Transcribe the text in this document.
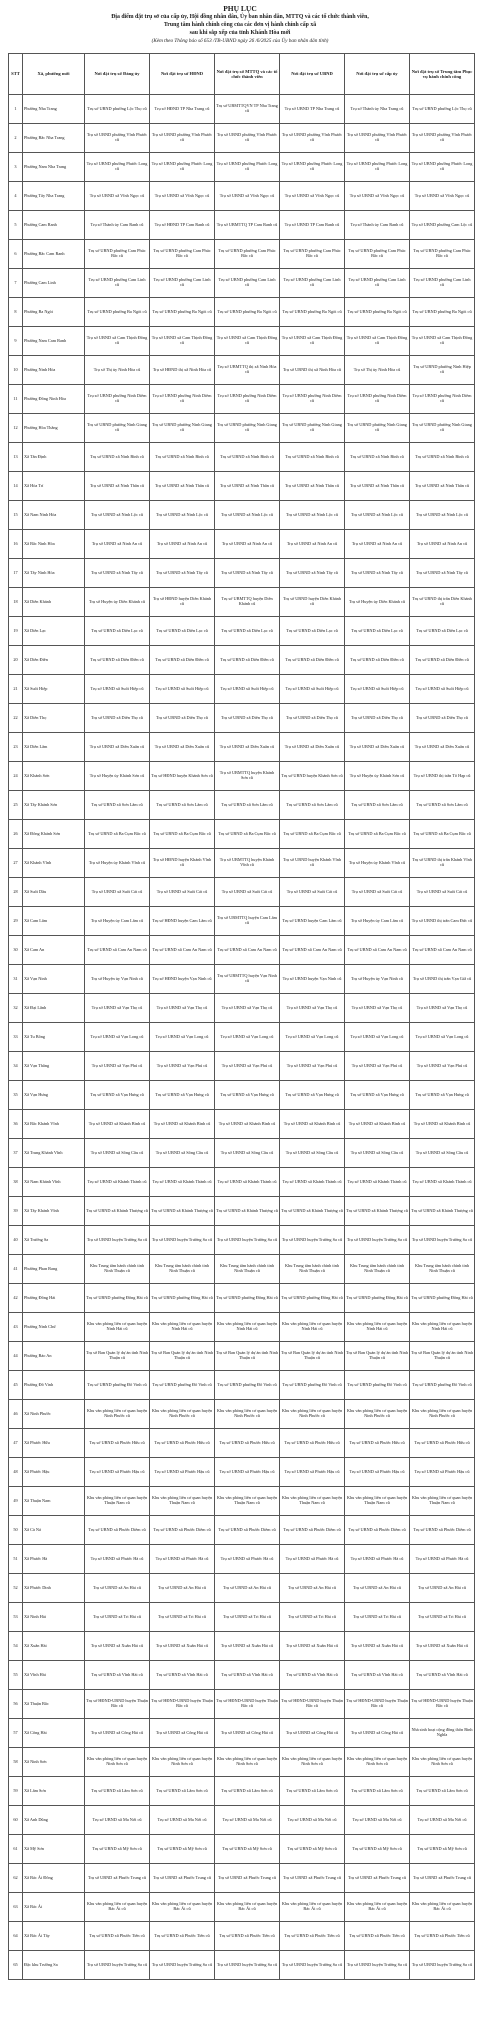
PHỤ LỤC
Địa điểm đặt trụ sở của cấp ủy, Hội đồng nhân dân, Ủy ban nhân dân, MTTQ và các tổ chức thành viên,
Trung tâm hành chính công của các đơn vị hành chính cấp xã
sau khi sắp xếp của tỉnh Khánh Hòa mới
(Kèm theo Thông báo số 653 /TB-UBND ngày 26 /6/2025 của Ủy ban nhân dân tỉnh)
STT	Xã, phường mới	Nơi đặt trụ sở Đảng ủy	Nơi đặt trụ sở HĐND	Nơi đặt trụ sở MTTQ và các tổ chức thành viên	Nơi đặt trụ sở UBND	Nơi đặt trụ sở cấp ủy	Nơi đặt trụ sở Trung tâm Phục vụ hành chính công
1	Phường Nha Trang	Trụ sở UBND phường Lộc Thọ cũ	Trụ sở HĐND TP Nha Trang cũ	Trụ sở UBMTTQVN TP Nha Trang cũ	Trụ sở UBND TP Nha Trang cũ	Trụ sở Thành ủy Nha Trang cũ	Trụ sở UBND phường Lộc Thọ cũ
2	Phường Bắc Nha Trang	Trụ sở UBND phường Vĩnh Phước cũ	Trụ sở UBND phường Vĩnh Phước cũ	Trụ sở UBND phường Vĩnh Phước cũ	Trụ sở UBND phường Vĩnh Phước cũ	Trụ sở UBND phường Vĩnh Phước cũ	Trụ sở UBND phường Vĩnh Phước cũ
3	Phường Nam Nha Trang	Trụ sở UBND phường Phước Long cũ	Trụ sở UBND phường Phước Long cũ	Trụ sở UBND phường Phước Long cũ	Trụ sở UBND phường Phước Long cũ	Trụ sở UBND phường Phước Long cũ	Trụ sở UBND phường Phước Long cũ
4	Phường Tây Nha Trang	Trụ sở UBND xã Vĩnh Ngọc cũ	Trụ sở UBND xã Vĩnh Ngọc cũ	Trụ sở UBND xã Vĩnh Ngọc cũ	Trụ sở UBND xã Vĩnh Ngọc cũ	Trụ sở UBND xã Vĩnh Ngọc cũ	Trụ sở UBND xã Vĩnh Ngọc cũ
5	Phường Cam Ranh	Trụ sở Thành ủy Cam Ranh cũ	Trụ sở HĐND TP Cam Ranh cũ	Trụ sở UBMTTQ TP Cam Ranh cũ	Trụ sở UBND TP Cam Ranh cũ	Trụ sở Thành ủy Cam Ranh cũ	Trụ sở UBND phường Cam Lộc cũ
6	Phường Bắc Cam Ranh	Trụ sở UBND phường Cam Phúc Bắc cũ	Trụ sở UBND phường Cam Phúc Bắc cũ	Trụ sở UBND phường Cam Phúc Bắc cũ	Trụ sở UBND phường Cam Phúc Bắc cũ	Trụ sở UBND phường Cam Phúc Bắc cũ	Trụ sở UBND phường Cam Phúc Bắc cũ
7	Phường Cam Linh	Trụ sở UBND phường Cam Linh cũ	Trụ sở UBND phường Cam Linh cũ	Trụ sở UBND phường Cam Linh cũ	Trụ sở UBND phường Cam Linh cũ	Trụ sở UBND phường Cam Linh cũ	Trụ sở UBND phường Cam Linh cũ
8	Phường Ba Ngòi	Trụ sở UBND phường Ba Ngòi cũ	Trụ sở UBND phường Ba Ngòi cũ	Trụ sở UBND phường Ba Ngòi cũ	Trụ sở UBND phường Ba Ngòi cũ	Trụ sở UBND phường Ba Ngòi cũ	Trụ sở UBND phường Ba Ngòi cũ
9	Phường Nam Cam Ranh	Trụ sở UBND xã Cam Thịnh Đông cũ	Trụ sở UBND xã Cam Thịnh Đông cũ	Trụ sở UBND xã Cam Thịnh Đông cũ	Trụ sở UBND xã Cam Thịnh Đông cũ	Trụ sở UBND xã Cam Thịnh Đông cũ	Trụ sở UBND xã Cam Thịnh Đông cũ
10	Phường Ninh Hòa	Trụ sở Thị ủy Ninh Hòa cũ	Trụ sở HĐND thị xã Ninh Hòa cũ	Trụ sở UBMTTQ thị xã Ninh Hòa cũ	Trụ sở UBND thị xã Ninh Hòa cũ	Trụ sở Thị ủy Ninh Hòa cũ	Trụ sở UBND phường Ninh Hiệp cũ
11	Phường Đông Ninh Hòa	Trụ sở UBND phường Ninh Diêm cũ	Trụ sở UBND phường Ninh Diêm cũ	Trụ sở UBND phường Ninh Diêm cũ	Trụ sở UBND phường Ninh Diêm cũ	Trụ sở UBND phường Ninh Diêm cũ	Trụ sở UBND phường Ninh Diêm cũ
12	Phường Hòa Thắng	Trụ sở UBND phường Ninh Giang cũ	Trụ sở UBND phường Ninh Giang cũ	Trụ sở UBND phường Ninh Giang cũ	Trụ sở UBND phường Ninh Giang cũ	Trụ sở UBND phường Ninh Giang cũ	Trụ sở UBND phường Ninh Giang cũ
13	Xã Tân Định	Trụ sở UBND xã Ninh Bình cũ	Trụ sở UBND xã Ninh Bình cũ	Trụ sở UBND xã Ninh Bình cũ	Trụ sở UBND xã Ninh Bình cũ	Trụ sở UBND xã Ninh Bình cũ	Trụ sở UBND xã Ninh Bình cũ
14	Xã Hòa Trí	Trụ sở UBND xã Ninh Thân cũ	Trụ sở UBND xã Ninh Thân cũ	Trụ sở UBND xã Ninh Thân cũ	Trụ sở UBND xã Ninh Thân cũ	Trụ sở UBND xã Ninh Thân cũ	Trụ sở UBND xã Ninh Thân cũ
15	Xã Nam Ninh Hòa	Trụ sở UBND xã Ninh Lộc cũ	Trụ sở UBND xã Ninh Lộc cũ	Trụ sở UBND xã Ninh Lộc cũ	Trụ sở UBND xã Ninh Lộc cũ	Trụ sở UBND xã Ninh Lộc cũ	Trụ sở UBND xã Ninh Lộc cũ
16	Xã Bắc Ninh Hòa	Trụ sở UBND xã Ninh An cũ	Trụ sở UBND xã Ninh An cũ	Trụ sở UBND xã Ninh An cũ	Trụ sở UBND xã Ninh An cũ	Trụ sở UBND xã Ninh An cũ	Trụ sở UBND xã Ninh An cũ
17	Xã Tây Ninh Hòa	Trụ sở UBND xã Ninh Tây cũ	Trụ sở UBND xã Ninh Tây cũ	Trụ sở UBND xã Ninh Tây cũ	Trụ sở UBND xã Ninh Tây cũ	Trụ sở UBND xã Ninh Tây cũ	Trụ sở UBND xã Ninh Tây cũ
18	Xã Diên Khánh	Trụ sở Huyện ủy Diên Khánh cũ	Trụ sở HĐND huyện Diên Khánh cũ	Trụ sở UBMTTQ huyện Diên Khánh cũ	Trụ sở UBND huyện Diên Khánh cũ	Trụ sở Huyện ủy Diên Khánh cũ	Trụ sở UBND thị trấn Diên Khánh cũ
19	Xã Diên Lạc	Trụ sở UBND xã Diên Lạc cũ	Trụ sở UBND xã Diên Lạc cũ	Trụ sở UBND xã Diên Lạc cũ	Trụ sở UBND xã Diên Lạc cũ	Trụ sở UBND xã Diên Lạc cũ	Trụ sở UBND xã Diên Lạc cũ
20	Xã Diên Điền	Trụ sở UBND xã Diên Điền cũ	Trụ sở UBND xã Diên Điền cũ	Trụ sở UBND xã Diên Điền cũ	Trụ sở UBND xã Diên Điền cũ	Trụ sở UBND xã Diên Điền cũ	Trụ sở UBND xã Diên Điền cũ
21	Xã Suối Hiệp	Trụ sở UBND xã Suối Hiệp cũ	Trụ sở UBND xã Suối Hiệp cũ	Trụ sở UBND xã Suối Hiệp cũ	Trụ sở UBND xã Suối Hiệp cũ	Trụ sở UBND xã Suối Hiệp cũ	Trụ sở UBND xã Suối Hiệp cũ
22	Xã Diên Thọ	Trụ sở UBND xã Diên Thọ cũ	Trụ sở UBND xã Diên Thọ cũ	Trụ sở UBND xã Diên Thọ cũ	Trụ sở UBND xã Diên Thọ cũ	Trụ sở UBND xã Diên Thọ cũ	Trụ sở UBND xã Diên Thọ cũ
23	Xã Diên Lâm	Trụ sở UBND xã Diên Xuân cũ	Trụ sở UBND xã Diên Xuân cũ	Trụ sở UBND xã Diên Xuân cũ	Trụ sở UBND xã Diên Xuân cũ	Trụ sở UBND xã Diên Xuân cũ	Trụ sở UBND xã Diên Xuân cũ
24	Xã Khánh Sơn	Trụ sở Huyện ủy Khánh Sơn cũ	Trụ sở HĐND huyện Khánh Sơn cũ	Trụ sở UBMTTQ huyện Khánh Sơn cũ	Trụ sở UBND huyện Khánh Sơn cũ	Trụ sở Huyện ủy Khánh Sơn cũ	Trụ sở UBND thị trấn Tô Hạp cũ
25	Xã Tây Khánh Sơn	Trụ sở UBND xã Sơn Lâm cũ	Trụ sở UBND xã Sơn Lâm cũ	Trụ sở UBND xã Sơn Lâm cũ	Trụ sở UBND xã Sơn Lâm cũ	Trụ sở UBND xã Sơn Lâm cũ	Trụ sở UBND xã Sơn Lâm cũ
26	Xã Đông Khánh Sơn	Trụ sở UBND xã Ba Cụm Bắc cũ	Trụ sở UBND xã Ba Cụm Bắc cũ	Trụ sở UBND xã Ba Cụm Bắc cũ	Trụ sở UBND xã Ba Cụm Bắc cũ	Trụ sở UBND xã Ba Cụm Bắc cũ	Trụ sở UBND xã Ba Cụm Bắc cũ
27	Xã Khánh Vĩnh	Trụ sở Huyện ủy Khánh Vĩnh cũ	Trụ sở HĐND huyện Khánh Vĩnh cũ	Trụ sở UBMTTQ huyện Khánh Vĩnh cũ	Trụ sở UBND huyện Khánh Vĩnh cũ	Trụ sở Huyện ủy Khánh Vĩnh cũ	Trụ sở UBND thị trấn Khánh Vĩnh cũ
28	Xã Suối Dầu	Trụ sở UBND xã Suối Cát cũ	Trụ sở UBND xã Suối Cát cũ	Trụ sở UBND xã Suối Cát cũ	Trụ sở UBND xã Suối Cát cũ	Trụ sở UBND xã Suối Cát cũ	Trụ sở UBND xã Suối Cát cũ
29	Xã Cam Lâm	Trụ sở Huyện ủy Cam Lâm cũ	Trụ sở HĐND huyện Cam Lâm cũ	Trụ sở UBMTTQ huyện Cam Lâm cũ	Trụ sở UBND huyện Cam Lâm cũ	Trụ sở Huyện ủy Cam Lâm cũ	Trụ sở UBND thị trấn Cam Đức cũ
30	Xã Cam An	Trụ sở UBND xã Cam An Nam cũ	Trụ sở UBND xã Cam An Nam cũ	Trụ sở UBND xã Cam An Nam cũ	Trụ sở UBND xã Cam An Nam cũ	Trụ sở UBND xã Cam An Nam cũ	Trụ sở UBND xã Cam An Nam cũ
31	Xã Vạn Ninh	Trụ sở Huyện ủy Vạn Ninh cũ	Trụ sở HĐND huyện Vạn Ninh cũ	Trụ sở UBMTTQ huyện Vạn Ninh cũ	Trụ sở UBND huyện Vạn Ninh cũ	Trụ sở Huyện ủy Vạn Ninh cũ	Trụ sở UBND thị trấn Vạn Giã cũ
32	Xã Đại Lãnh	Trụ sở UBND xã Vạn Thọ cũ	Trụ sở UBND xã Vạn Thọ cũ	Trụ sở UBND xã Vạn Thọ cũ	Trụ sở UBND xã Vạn Thọ cũ	Trụ sở UBND xã Vạn Thọ cũ	Trụ sở UBND xã Vạn Thọ cũ
33	Xã Tu Bông	Trụ sở UBND xã Vạn Long cũ	Trụ sở UBND xã Vạn Long cũ	Trụ sở UBND xã Vạn Long cũ	Trụ sở UBND xã Vạn Long cũ	Trụ sở UBND xã Vạn Long cũ	Trụ sở UBND xã Vạn Long cũ
34	Xã Vạn Thắng	Trụ sở UBND xã Vạn Phú cũ	Trụ sở UBND xã Vạn Phú cũ	Trụ sở UBND xã Vạn Phú cũ	Trụ sở UBND xã Vạn Phú cũ	Trụ sở UBND xã Vạn Phú cũ	Trụ sở UBND xã Vạn Phú cũ
35	Xã Vạn Hưng	Trụ sở UBND xã Vạn Hưng cũ	Trụ sở UBND xã Vạn Hưng cũ	Trụ sở UBND xã Vạn Hưng cũ	Trụ sở UBND xã Vạn Hưng cũ	Trụ sở UBND xã Vạn Hưng cũ	Trụ sở UBND xã Vạn Hưng cũ
36	Xã Bắc Khánh Vĩnh	Trụ sở UBND xã Khánh Bình cũ	Trụ sở UBND xã Khánh Bình cũ	Trụ sở UBND xã Khánh Bình cũ	Trụ sở UBND xã Khánh Bình cũ	Trụ sở UBND xã Khánh Bình cũ	Trụ sở UBND xã Khánh Bình cũ
37	Xã Trung Khánh Vĩnh	Trụ sở UBND xã Sông Cầu cũ	Trụ sở UBND xã Sông Cầu cũ	Trụ sở UBND xã Sông Cầu cũ	Trụ sở UBND xã Sông Cầu cũ	Trụ sở UBND xã Sông Cầu cũ	Trụ sở UBND xã Sông Cầu cũ
38	Xã Nam Khánh Vĩnh	Trụ sở UBND xã Khánh Thành cũ	Trụ sở UBND xã Khánh Thành cũ	Trụ sở UBND xã Khánh Thành cũ	Trụ sở UBND xã Khánh Thành cũ	Trụ sở UBND xã Khánh Thành cũ	Trụ sở UBND xã Khánh Thành cũ
39	Xã Tây Khánh Vĩnh	Trụ sở UBND xã Khánh Thượng cũ	Trụ sở UBND xã Khánh Thượng cũ	Trụ sở UBND xã Khánh Thượng cũ	Trụ sở UBND xã Khánh Thượng cũ	Trụ sở UBND xã Khánh Thượng cũ	Trụ sở UBND xã Khánh Thượng cũ
40	Xã Trường Sa	Trụ sở UBND huyện Trường Sa cũ	Trụ sở UBND huyện Trường Sa cũ	Trụ sở UBND huyện Trường Sa cũ	Trụ sở UBND huyện Trường Sa cũ	Trụ sở UBND huyện Trường Sa cũ	Trụ sở UBND huyện Trường Sa cũ
41	Phường Phan Rang	Khu Trung tâm hành chính tỉnh Ninh Thuận cũ	Khu Trung tâm hành chính tỉnh Ninh Thuận cũ	Khu Trung tâm hành chính tỉnh Ninh Thuận cũ	Khu Trung tâm hành chính tỉnh Ninh Thuận cũ	Khu Trung tâm hành chính tỉnh Ninh Thuận cũ	Khu Trung tâm hành chính tỉnh Ninh Thuận cũ
42	Phường Đông Hải	Trụ sở UBND phường Đông Hải cũ	Trụ sở UBND phường Đông Hải cũ	Trụ sở UBND phường Đông Hải cũ	Trụ sở UBND phường Đông Hải cũ	Trụ sở UBND phường Đông Hải cũ	Trụ sở UBND phường Đông Hải cũ
43	Phường Ninh Chử	Khu văn phòng liên cơ quan huyện Ninh Hải cũ	Khu văn phòng liên cơ quan huyện Ninh Hải cũ	Khu văn phòng liên cơ quan huyện Ninh Hải cũ	Khu văn phòng liên cơ quan huyện Ninh Hải cũ	Khu văn phòng liên cơ quan huyện Ninh Hải cũ	Khu văn phòng liên cơ quan huyện Ninh Hải cũ
44	Phường Bảo An	Trụ sở Ban Quản lý dự án tỉnh Ninh Thuận cũ	Trụ sở Ban Quản lý dự án tỉnh Ninh Thuận cũ	Trụ sở Ban Quản lý dự án tỉnh Ninh Thuận cũ	Trụ sở Ban Quản lý dự án tỉnh Ninh Thuận cũ	Trụ sở Ban Quản lý dự án tỉnh Ninh Thuận cũ	Trụ sở Ban Quản lý dự án tỉnh Ninh Thuận cũ
45	Phường Đô Vinh	Trụ sở UBND phường Đô Vinh cũ	Trụ sở UBND phường Đô Vinh cũ	Trụ sở UBND phường Đô Vinh cũ	Trụ sở UBND phường Đô Vinh cũ	Trụ sở UBND phường Đô Vinh cũ	Trụ sở UBND phường Đô Vinh cũ
46	Xã Ninh Phước	Khu văn phòng liên cơ quan huyện Ninh Phước cũ	Khu văn phòng liên cơ quan huyện Ninh Phước cũ	Khu văn phòng liên cơ quan huyện Ninh Phước cũ	Khu văn phòng liên cơ quan huyện Ninh Phước cũ	Khu văn phòng liên cơ quan huyện Ninh Phước cũ	Khu văn phòng liên cơ quan huyện Ninh Phước cũ
47	Xã Phước Hữu	Trụ sở UBND xã Phước Hữu cũ	Trụ sở UBND xã Phước Hữu cũ	Trụ sở UBND xã Phước Hữu cũ	Trụ sở UBND xã Phước Hữu cũ	Trụ sở UBND xã Phước Hữu cũ	Trụ sở UBND xã Phước Hữu cũ
48	Xã Phước Hậu	Trụ sở UBND xã Phước Hậu cũ	Trụ sở UBND xã Phước Hậu cũ	Trụ sở UBND xã Phước Hậu cũ	Trụ sở UBND xã Phước Hậu cũ	Trụ sở UBND xã Phước Hậu cũ	Trụ sở UBND xã Phước Hậu cũ
49	Xã Thuận Nam	Khu văn phòng liên cơ quan huyện Thuận Nam cũ	Khu văn phòng liên cơ quan huyện Thuận Nam cũ	Khu văn phòng liên cơ quan huyện Thuận Nam cũ	Khu văn phòng liên cơ quan huyện Thuận Nam cũ	Khu văn phòng liên cơ quan huyện Thuận Nam cũ	Khu văn phòng liên cơ quan huyện Thuận Nam cũ
50	Xã Cà Ná	Trụ sở UBND xã Phước Diêm cũ	Trụ sở UBND xã Phước Diêm cũ	Trụ sở UBND xã Phước Diêm cũ	Trụ sở UBND xã Phước Diêm cũ	Trụ sở UBND xã Phước Diêm cũ	Trụ sở UBND xã Phước Diêm cũ
51	Xã Phước Hà	Trụ sở UBND xã Phước Hà cũ	Trụ sở UBND xã Phước Hà cũ	Trụ sở UBND xã Phước Hà cũ	Trụ sở UBND xã Phước Hà cũ	Trụ sở UBND xã Phước Hà cũ	Trụ sở UBND xã Phước Hà cũ
52	Xã Phước Dinh	Trụ sở UBND xã An Hải cũ	Trụ sở UBND xã An Hải cũ	Trụ sở UBND xã An Hải cũ	Trụ sở UBND xã An Hải cũ	Trụ sở UBND xã An Hải cũ	Trụ sở UBND xã An Hải cũ
53	Xã Ninh Hải	Trụ sở UBND xã Tri Hải cũ	Trụ sở UBND xã Tri Hải cũ	Trụ sở UBND xã Tri Hải cũ	Trụ sở UBND xã Tri Hải cũ	Trụ sở UBND xã Tri Hải cũ	Trụ sở UBND xã Tri Hải cũ
54	Xã Xuân Hải	Trụ sở UBND xã Xuân Hải cũ	Trụ sở UBND xã Xuân Hải cũ	Trụ sở UBND xã Xuân Hải cũ	Trụ sở UBND xã Xuân Hải cũ	Trụ sở UBND xã Xuân Hải cũ	Trụ sở UBND xã Xuân Hải cũ
55	Xã Vĩnh Hải	Trụ sở UBND xã Vĩnh Hải cũ	Trụ sở UBND xã Vĩnh Hải cũ	Trụ sở UBND xã Vĩnh Hải cũ	Trụ sở UBND xã Vĩnh Hải cũ	Trụ sở UBND xã Vĩnh Hải cũ	Trụ sở UBND xã Vĩnh Hải cũ
56	Xã Thuận Bắc	Trụ sở HĐND-UBND huyện Thuận Bắc cũ	Trụ sở HĐND-UBND huyện Thuận Bắc cũ	Trụ sở HĐND-UBND huyện Thuận Bắc cũ	Trụ sở HĐND-UBND huyện Thuận Bắc cũ	Trụ sở HĐND-UBND huyện Thuận Bắc cũ	Trụ sở HĐND-UBND huyện Thuận Bắc cũ
57	Xã Công Hải	Trụ sở UBND xã Công Hải cũ	Trụ sở UBND xã Công Hải cũ	Trụ sở UBND xã Công Hải cũ	Trụ sở UBND xã Công Hải cũ	Trụ sở UBND xã Công Hải cũ	Nhà sinh hoạt cộng đồng thôn Bỉnh Nghĩa
58	Xã Ninh Sơn	Khu văn phòng liên cơ quan huyện Ninh Sơn cũ	Khu văn phòng liên cơ quan huyện Ninh Sơn cũ	Khu văn phòng liên cơ quan huyện Ninh Sơn cũ	Khu văn phòng liên cơ quan huyện Ninh Sơn cũ	Khu văn phòng liên cơ quan huyện Ninh Sơn cũ	Khu văn phòng liên cơ quan huyện Ninh Sơn cũ
59	Xã Lâm Sơn	Trụ sở UBND xã Lâm Sơn cũ	Trụ sở UBND xã Lâm Sơn cũ	Trụ sở UBND xã Lâm Sơn cũ	Trụ sở UBND xã Lâm Sơn cũ	Trụ sở UBND xã Lâm Sơn cũ	Trụ sở UBND xã Lâm Sơn cũ
60	Xã Anh Dũng	Trụ sở UBND xã Ma Nới cũ	Trụ sở UBND xã Ma Nới cũ	Trụ sở UBND xã Ma Nới cũ	Trụ sở UBND xã Ma Nới cũ	Trụ sở UBND xã Ma Nới cũ	Trụ sở UBND xã Ma Nới cũ
61	Xã Mỹ Sơn	Trụ sở UBND xã Mỹ Sơn cũ	Trụ sở UBND xã Mỹ Sơn cũ	Trụ sở UBND xã Mỹ Sơn cũ	Trụ sở UBND xã Mỹ Sơn cũ	Trụ sở UBND xã Mỹ Sơn cũ	Trụ sở UBND xã Mỹ Sơn cũ
62	Xã Bác Ái Đông	Trụ sở UBND xã Phước Trung cũ	Trụ sở UBND xã Phước Trung cũ	Trụ sở UBND xã Phước Trung cũ	Trụ sở UBND xã Phước Trung cũ	Trụ sở UBND xã Phước Trung cũ	Trụ sở UBND xã Phước Trung cũ
63	Xã Bác Ái	Khu văn phòng liên cơ quan huyện Bác Ái cũ	Khu văn phòng liên cơ quan huyện Bác Ái cũ	Khu văn phòng liên cơ quan huyện Bác Ái cũ	Khu văn phòng liên cơ quan huyện Bác Ái cũ	Khu văn phòng liên cơ quan huyện Bác Ái cũ	Khu văn phòng liên cơ quan huyện Bác Ái cũ
64	Xã Bác Ái Tây	Trụ sở UBND xã Phước Tiến cũ	Trụ sở UBND xã Phước Tiến cũ	Trụ sở UBND xã Phước Tiến cũ	Trụ sở UBND xã Phước Tiến cũ	Trụ sở UBND xã Phước Tiến cũ	Trụ sở UBND xã Phước Tiến cũ
65	Đặc khu Trường Sa	Trụ sở UBND huyện Trường Sa cũ	Trụ sở UBND huyện Trường Sa cũ	Trụ sở UBND huyện Trường Sa cũ	Trụ sở UBND huyện Trường Sa cũ	Trụ sở UBND huyện Trường Sa cũ	Trụ sở UBND huyện Trường Sa cũ
